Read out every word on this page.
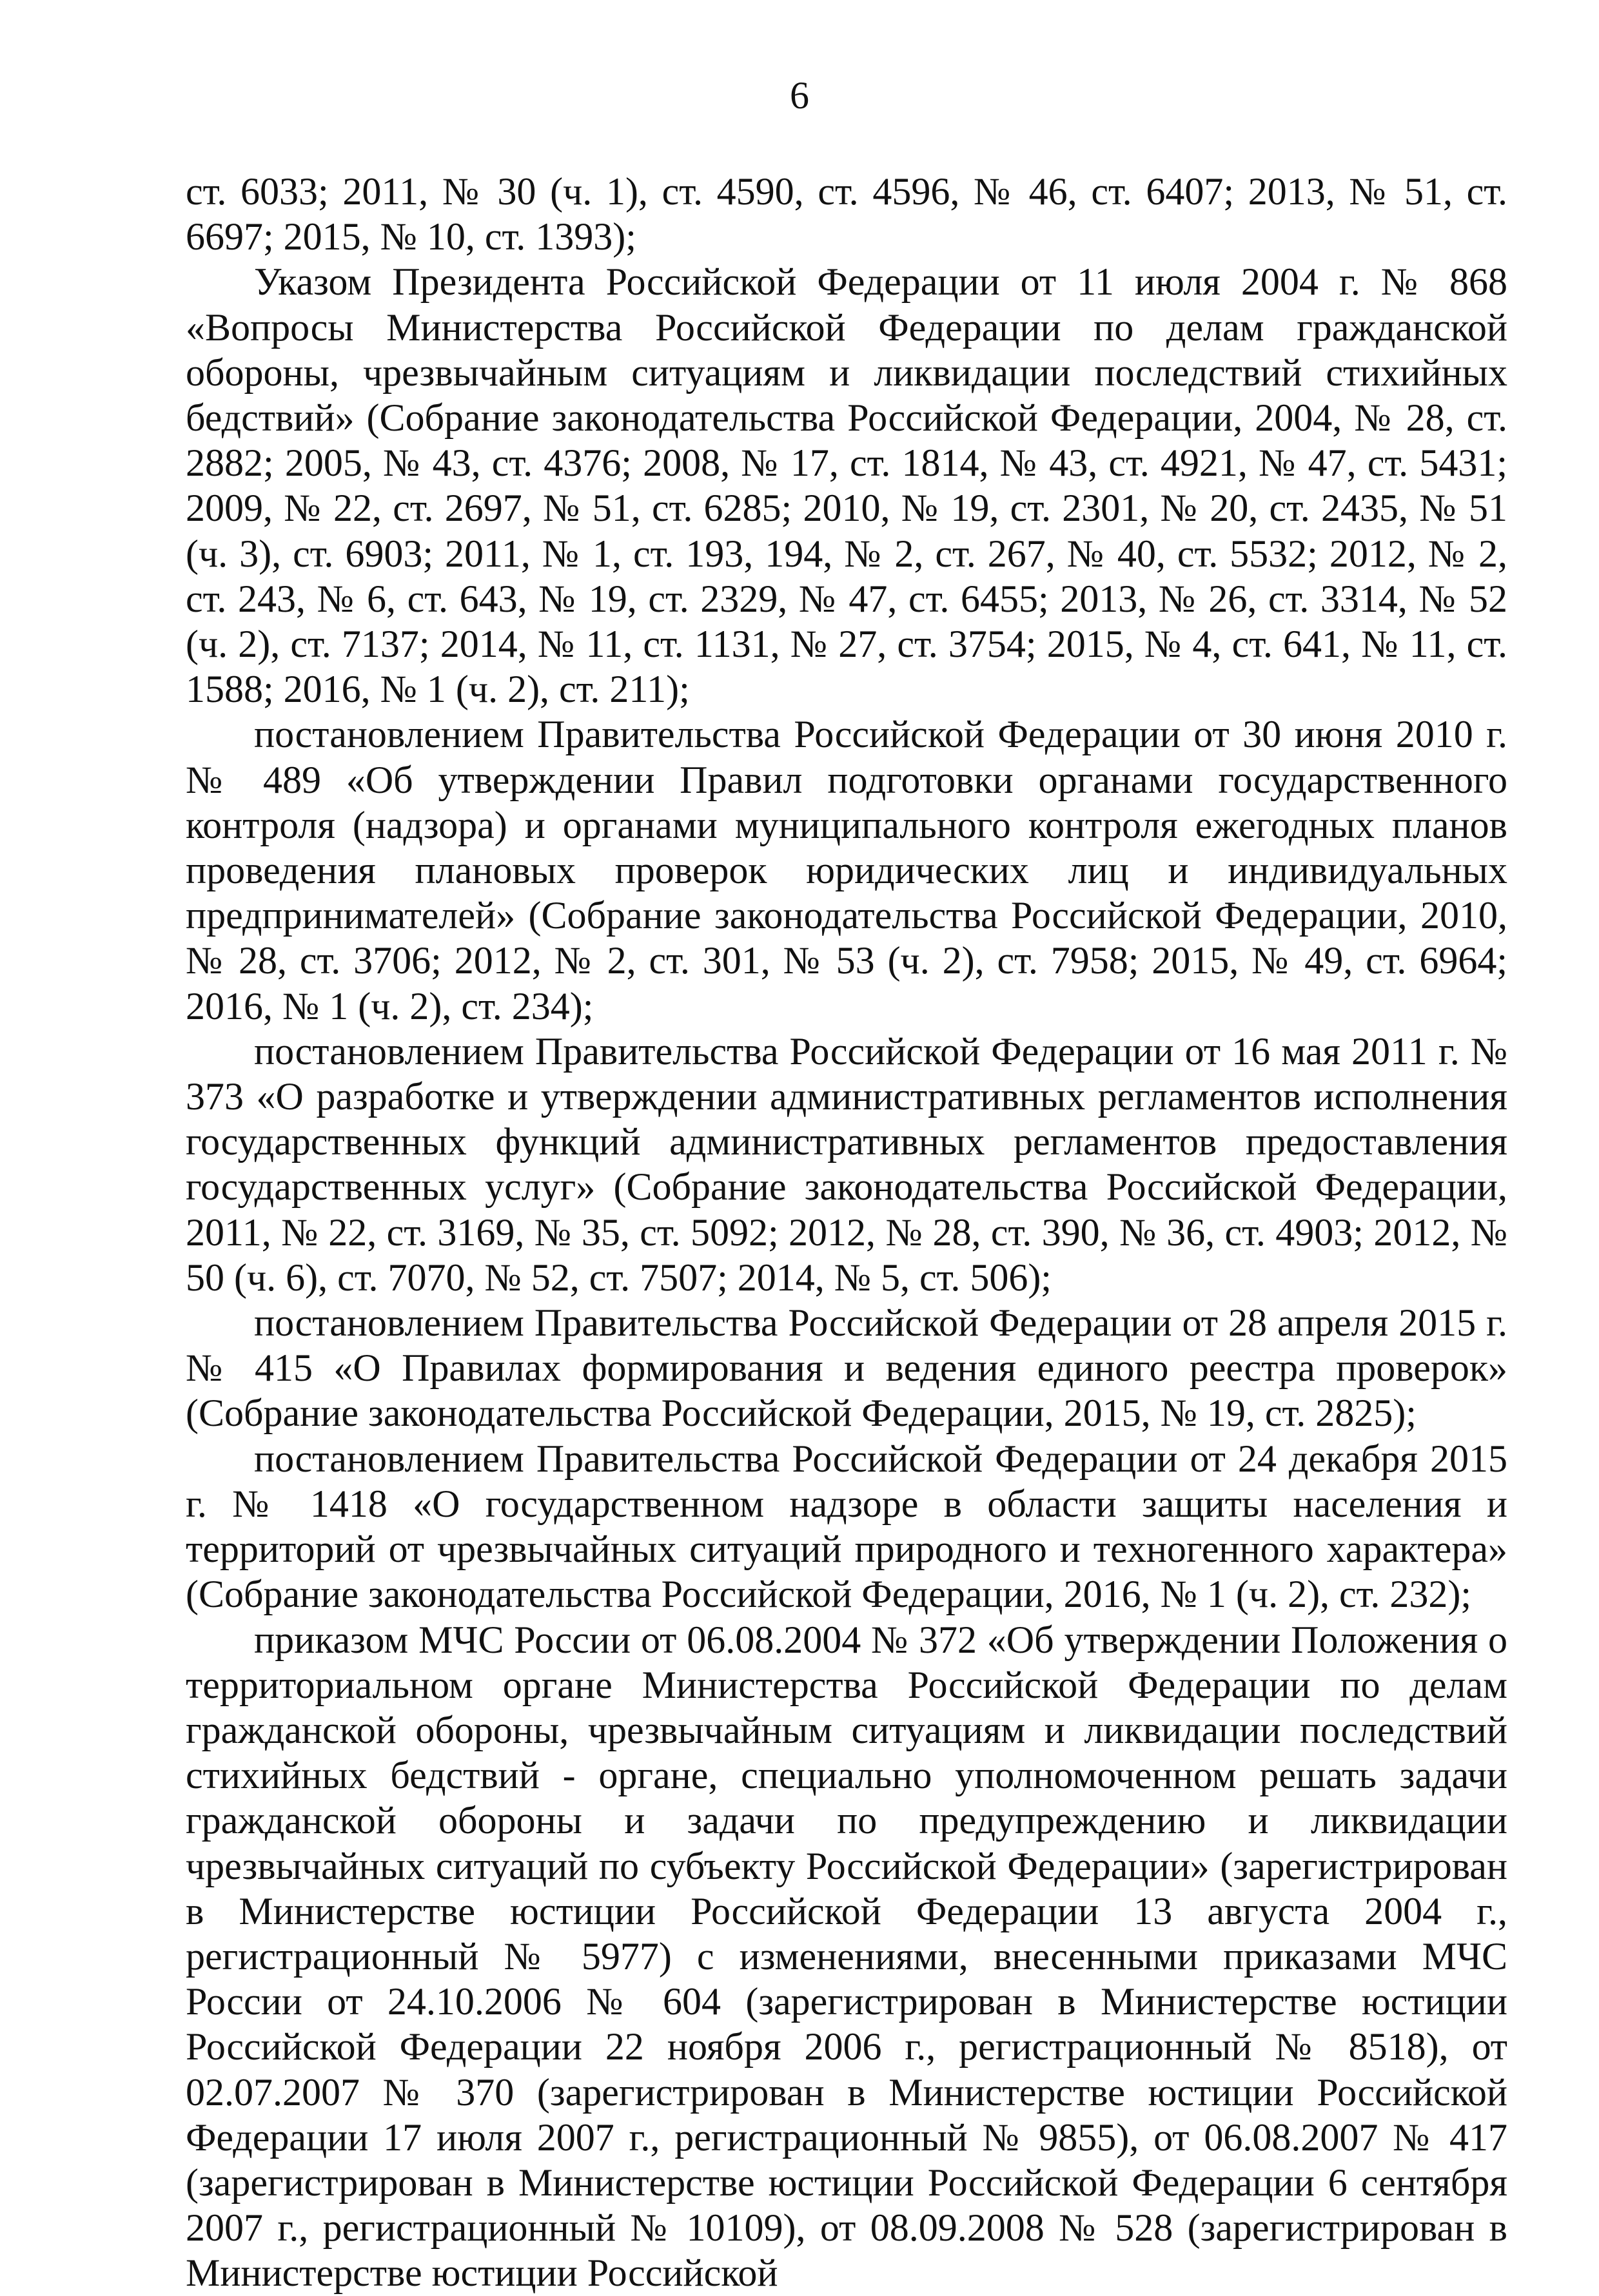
6

ст. 6033; 2011, № 30 (ч. 1), ст. 4590, ст. 4596, № 46, ст. 6407; 2013, № 51, ст. 6697; 2015, № 10, ст. 1393);

Указом Президента Российской Федерации от 11 июля 2004 г. № 868 «Вопросы Министерства Российской Федерации по делам гражданской обороны, чрезвычайным ситуациям и ликвидации последствий стихийных бедствий» (Собрание законодательства Российской Федерации, 2004, № 28, ст. 2882; 2005, № 43, ст. 4376; 2008, № 17, ст. 1814, № 43, ст. 4921, № 47, ст. 5431; 2009, № 22, ст. 2697, № 51, ст. 6285; 2010, № 19, ст. 2301, № 20, ст. 2435, № 51 (ч. 3), ст. 6903; 2011, № 1, ст. 193, 194, № 2, ст. 267, № 40, ст. 5532; 2012, № 2, ст. 243, № 6, ст. 643, № 19, ст. 2329, № 47, ст. 6455; 2013, № 26, ст. 3314, № 52 (ч. 2), ст. 7137; 2014, № 11, ст. 1131, № 27, ст. 3754; 2015, № 4, ст. 641, № 11, ст. 1588; 2016, № 1 (ч. 2), ст. 211);

постановлением Правительства Российской Федерации от 30 июня 2010 г. № 489 «Об утверждении Правил подготовки органами государственного контроля (надзора) и органами муниципального контроля ежегодных планов проведения плановых проверок юридических лиц и индивидуальных предпринимателей» (Собрание законодательства Российской Федерации, 2010, № 28, ст. 3706; 2012, № 2, ст. 301, № 53 (ч. 2), ст. 7958; 2015, № 49, ст. 6964; 2016, № 1 (ч. 2), ст. 234);

постановлением Правительства Российской Федерации от 16 мая 2011 г. № 373 «О разработке и утверждении административных регламентов исполнения государственных функций административных регламентов предоставления государственных услуг» (Собрание законодательства Российской Федерации, 2011, № 22, ст. 3169, № 35, ст. 5092; 2012, № 28, ст. 390, № 36, ст. 4903; 2012, № 50 (ч. 6), ст. 7070, № 52, ст. 7507; 2014, № 5, ст. 506);

постановлением Правительства Российской Федерации от 28 апреля 2015 г. № 415 «О Правилах формирования и ведения единого реестра проверок» (Собрание законодательства Российской Федерации, 2015, № 19, ст. 2825);

постановлением Правительства Российской Федерации от 24 декабря 2015 г. № 1418 «О государственном надзоре в области защиты населения и территорий от чрезвычайных ситуаций природного и техногенного характера» (Собрание законодательства Российской Федерации, 2016, № 1 (ч. 2), ст. 232);

приказом МЧС России от 06.08.2004 № 372 «Об утверждении Положения о территориальном органе Министерства Российской Федерации по делам гражданской обороны, чрезвычайным ситуациям и ликвидации последствий стихийных бедствий - органе, специально уполномоченном решать задачи гражданской обороны и задачи по предупреждению и ликвидации чрезвычайных ситуаций по субъекту Российской Федерации» (зарегистрирован в Министерстве юстиции Российской Федерации 13 августа 2004 г., регистрационный № 5977) с изменениями, внесенными приказами МЧС России от 24.10.2006 № 604 (зарегистрирован в Министерстве юстиции Российской Федерации 22 ноября 2006 г., регистрационный № 8518), от 02.07.2007 № 370 (зарегистрирован в Министерстве юстиции Российской Федерации 17 июля 2007 г., регистрационный № 9855), от 06.08.2007 № 417 (зарегистрирован в Министерстве юстиции Российской Федерации 6 сентября 2007 г., регистрационный № 10109), от 08.09.2008 № 528 (зарегистрирован в Министерстве юстиции Российской
